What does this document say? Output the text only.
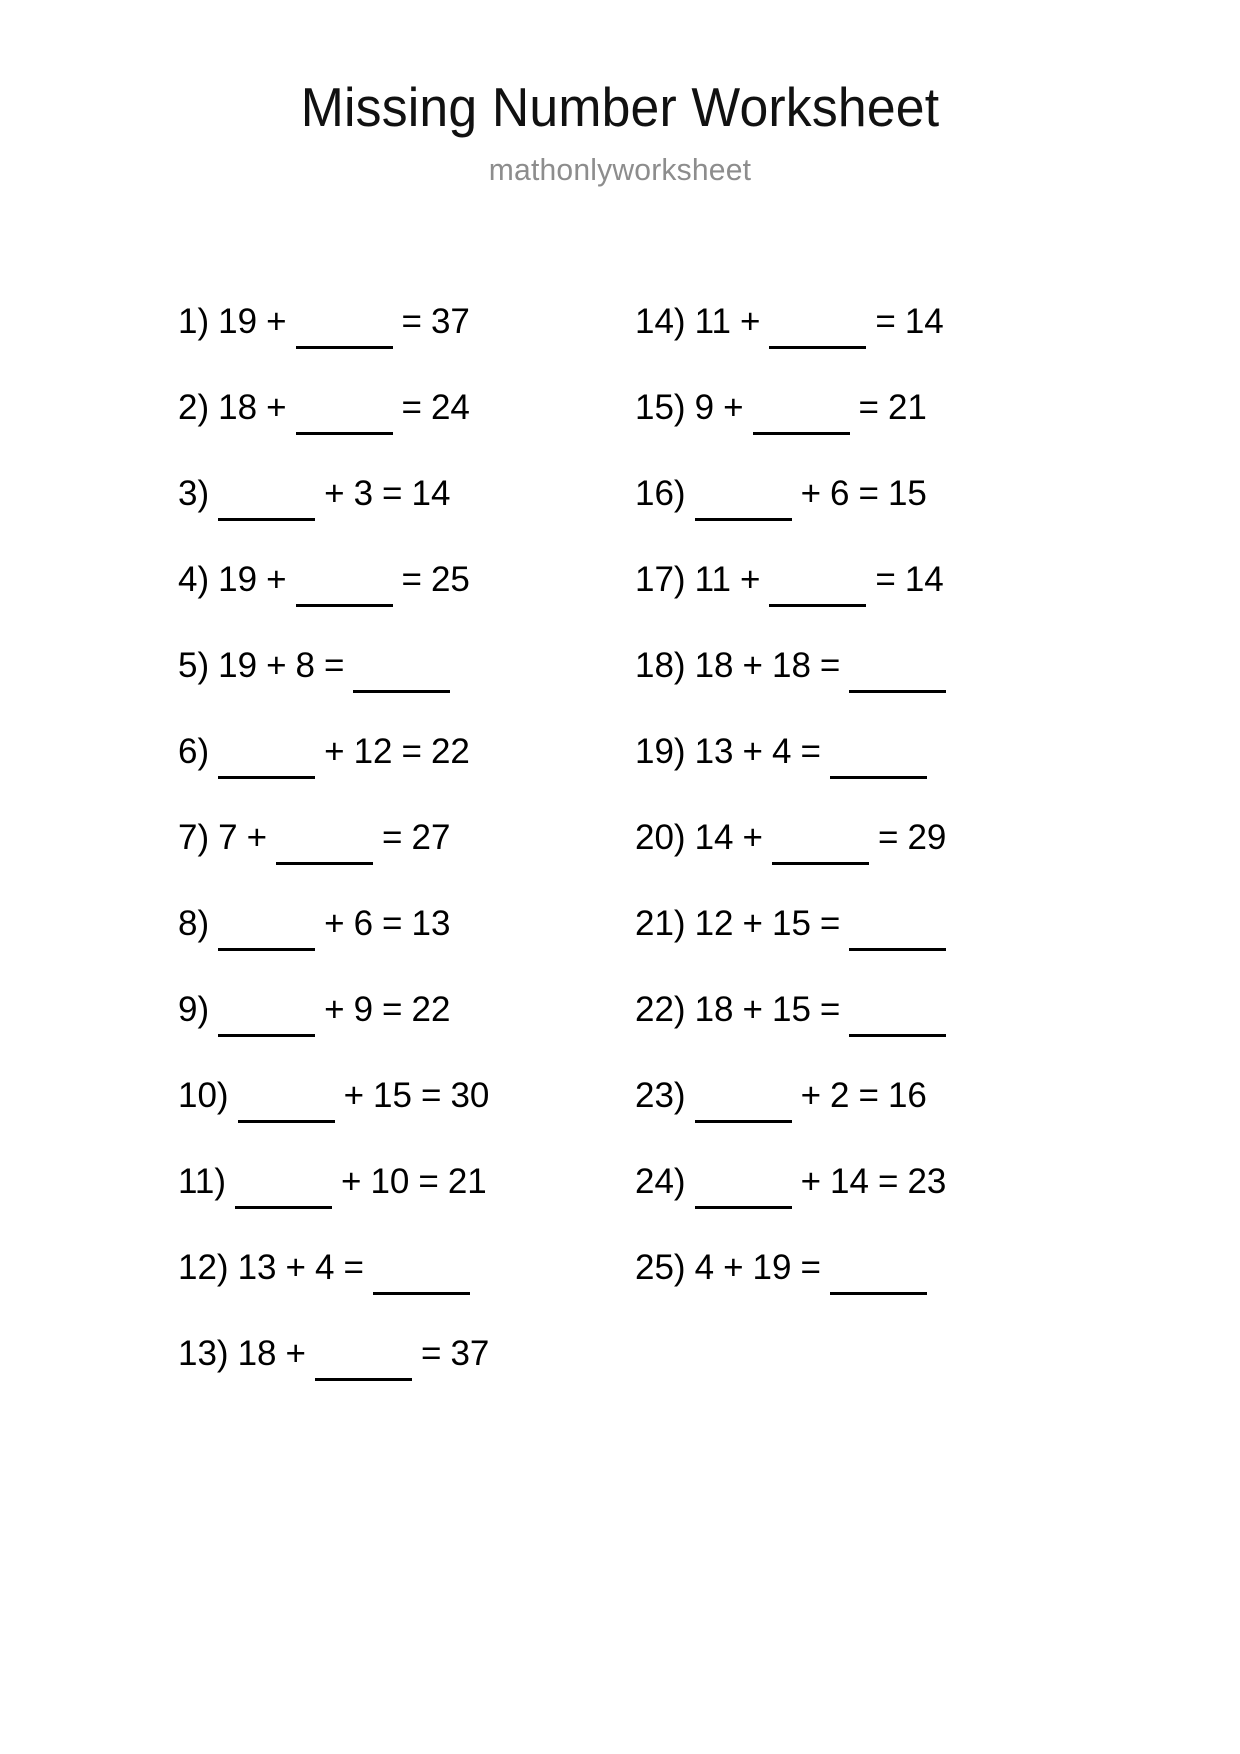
Missing Number Worksheet
mathonlyworksheet
1) 19 +	= 37
2) 18 +	= 24
3)	+ 3 = 14
4) 19 +	= 25
5) 19 + 8 =
6)	+ 12 = 22
7) 7 +	= 27
8)	+ 6 = 13
9)	+ 9 = 22
10)	+ 15 = 30
11)	+ 10 = 21
12) 13 + 4 =
13) 18 +	= 37
14) 11 +	= 14
15) 9 +	= 21
16)	+ 6 = 15
17) 11 +	= 14
18) 18 + 18 =
19) 13 + 4 =
20) 14 +	= 29
21) 12 + 15 =
22) 18 + 15 =
23)	+ 2 = 16
24)	+ 14 = 23
25) 4 + 19 =
